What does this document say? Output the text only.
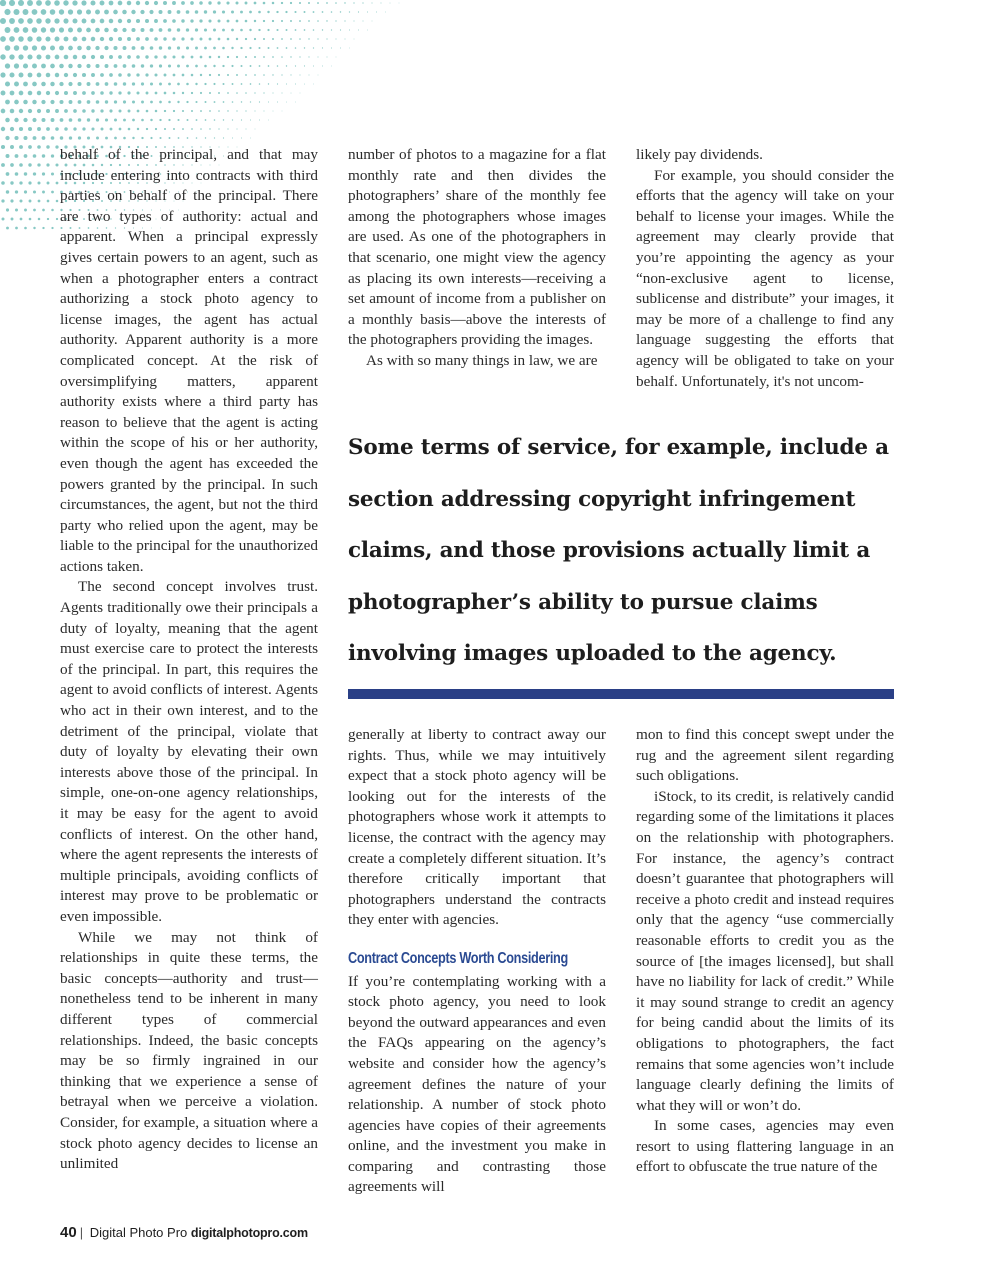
behalf of the principal, and that may include entering into contracts with third parties on behalf of the principal. There are two types of authority: actual and apparent. When a principal expressly gives certain powers to an agent, such as when a photographer enters a contract authorizing a stock photo agency to license images, the agent has actual authority. Apparent authority is a more complicated concept. At the risk of oversimplifying matters, apparent authority exists where a third party has reason to believe that the agent is acting within the scope of his or her authority, even though the agent has exceeded the powers granted by the principal. In such circumstances, the agent, but not the third party who relied upon the agent, may be liable to the principal for the unauthorized actions taken.

The second concept involves trust. Agents traditionally owe their principals a duty of loyalty, meaning that the agent must exercise care to protect the interests of the principal. In part, this requires the agent to avoid conflicts of interest. Agents who act in their own interest, and to the detriment of the principal, violate that duty of loyalty by elevating their own interests above those of the principal. In simple, one-on-one agency relationships, it may be easy for the agent to avoid conflicts of interest. On the other hand, where the agent represents the interests of multiple principals, avoiding conflicts of interest may prove to be problematic or even impossible.

While we may not think of relationships in quite these terms, the basic concepts—authority and trust—nonetheless tend to be inherent in many different types of commercial relationships. Indeed, the basic concepts may be so firmly ingrained in our thinking that we experience a sense of betrayal when we perceive a violation. Consider, for example, a situation where a stock photo agency decides to license an unlimited

number of photos to a magazine for a flat monthly rate and then divides the photographers’ share of the monthly fee among the photographers whose images are used. As one of the photographers in that scenario, one might view the agency as placing its own interests—receiving a set amount of income from a publisher on a monthly basis—above the interests of the photographers providing the images.

As with so many things in law, we are

likely pay dividends.

For example, you should consider the efforts that the agency will take on your behalf to license your images. While the agreement may clearly provide that you’re appointing the agency as your “non-exclusive agent to license, sublicense and distribute” your images, it may be more of a challenge to find any language suggesting the efforts that agency will be obligated to take on your behalf. Unfortunately, it's not uncom-

Some terms of service, for example, include a section addressing copyright infringement claims, and those provisions actually limit a photographer’s ability to pursue claims involving images uploaded to the agency.

generally at liberty to contract away our rights. Thus, while we may intuitively expect that a stock photo agency will be looking out for the interests of the photographers whose work it attempts to license, the contract with the agency may create a completely different situation. It’s therefore critically important that photographers understand the contracts they enter with agencies.

Contract Concepts Worth Considering

If you’re contemplating working with a stock photo agency, you need to look beyond the outward appearances and even the FAQs appearing on the agency’s website and consider how the agency’s agreement defines the nature of your relationship. A number of stock photo agencies have copies of their agreements online, and the investment you make in comparing and contrasting those agreements will

mon to find this concept swept under the rug and the agreement silent regarding such obligations.

iStock, to its credit, is relatively candid regarding some of the limitations it places on the relationship with photographers. For instance, the agency’s contract doesn’t guarantee that photographers will receive a photo credit and instead requires only that the agency “use commercially reasonable efforts to credit you as the source of [the images licensed], but shall have no liability for lack of credit.” While it may sound strange to credit an agency for being candid about the limits of its obligations to photographers, the fact remains that some agencies won’t include language clearly defining the limits of what they will or won’t do.

In some cases, agencies may even resort to using flattering language in an effort to obfuscate the true nature of the

40 | Digital Photo Pro digitalphotopro.com
